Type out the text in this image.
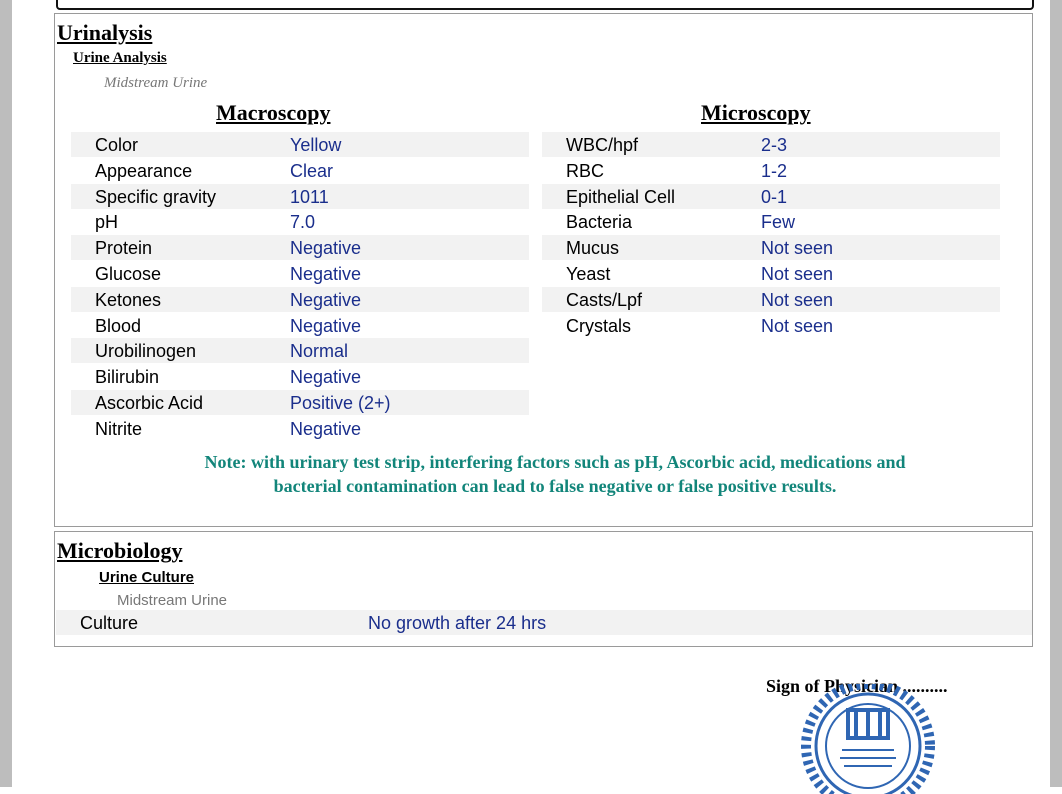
Urinalysis
Urine Analysis
Midstream Urine
Macroscopy	Microscopy
Color	Yellow
Appearance	Clear
Specific gravity	1011
pH	7.0
Protein	Negative
Glucose	Negative
Ketones	Negative
Blood	Negative
Urobilinogen	Normal
Bilirubin	Negative
Ascorbic Acid	Positive (2+)
Nitrite	Negative
WBC/hpf	2-3
RBC	1-2
Epithelial Cell	0-1
Bacteria	Few
Mucus	Not seen
Yeast	Not seen
Casts/Lpf	Not seen
Crystals	Not seen
Note: with urinary test strip, interfering factors such as pH, Ascorbic acid, medications and bacterial contamination can lead to false negative or false positive results.
Microbiology
Urine Culture
Midstream Urine
Culture	No growth after 24 hrs
Sign of Physician ..........
